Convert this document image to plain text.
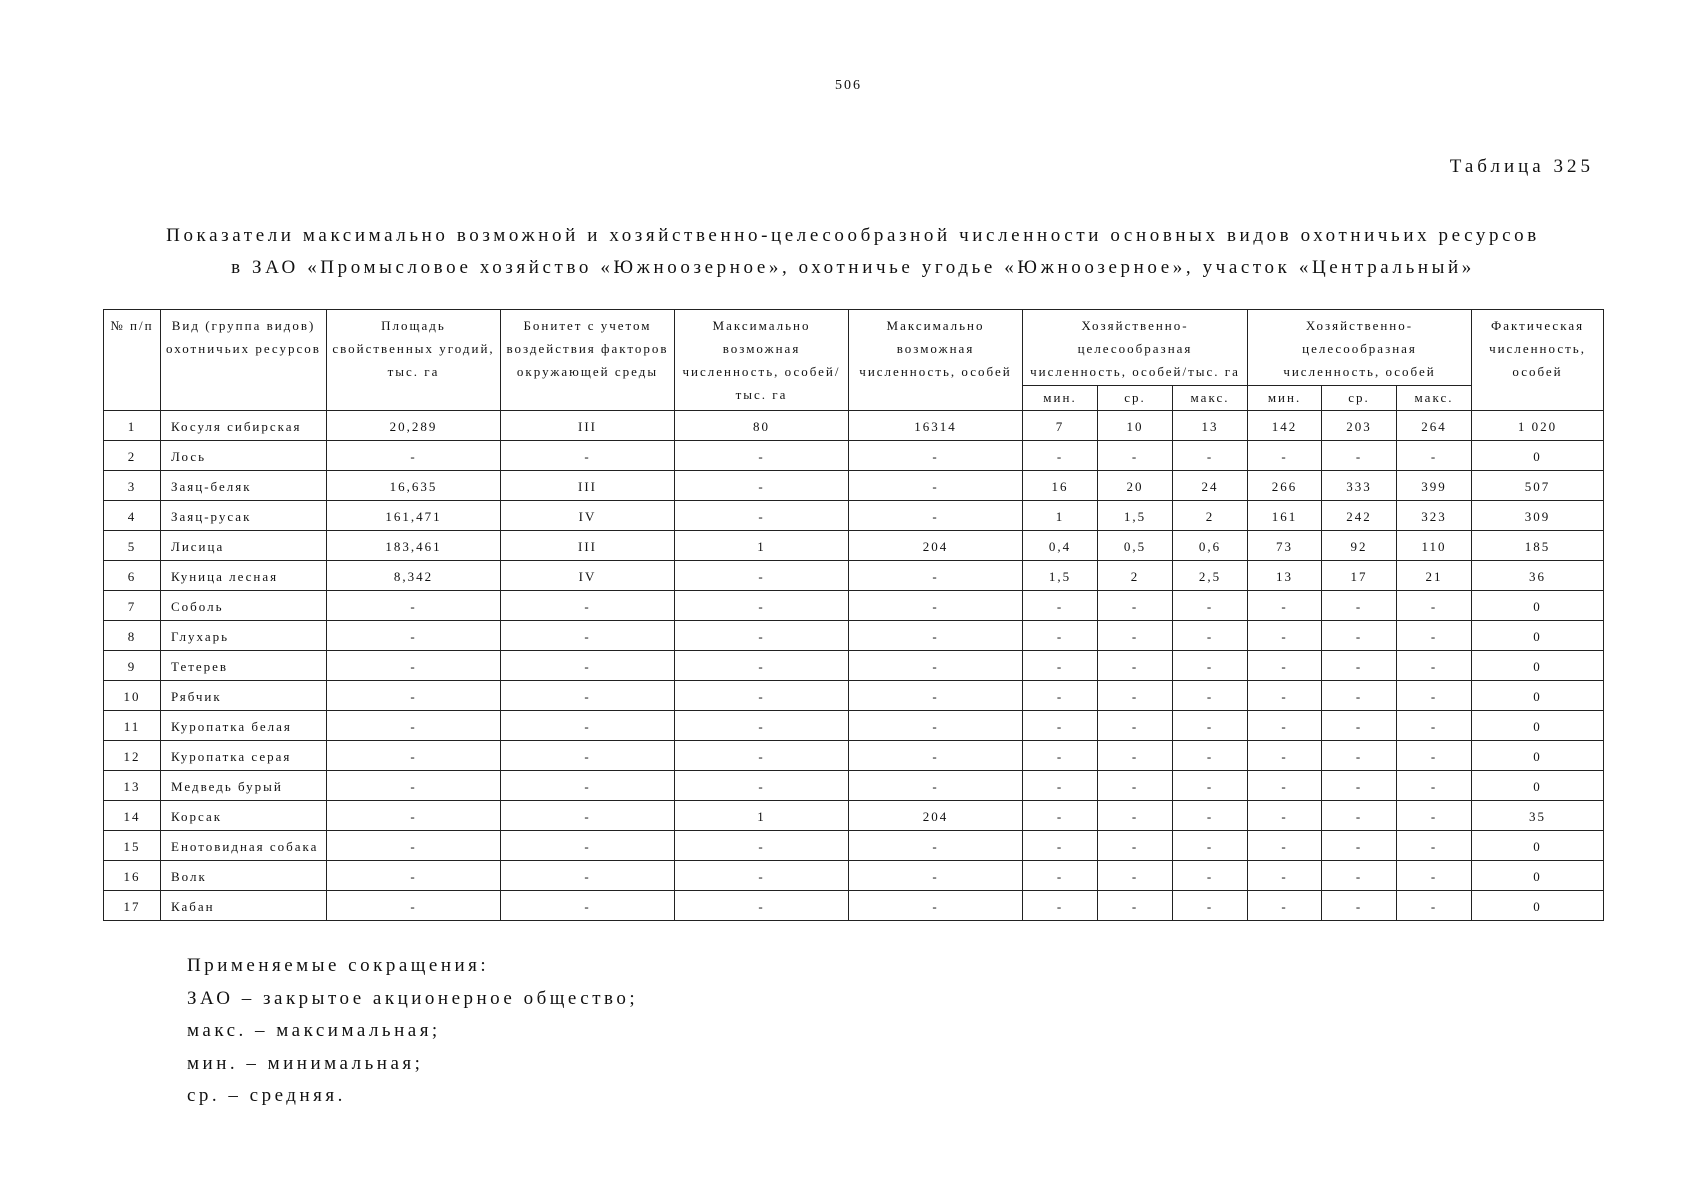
506
Таблица 325
Показатели максимально возможной и хозяйственно-целесообразной численности основных видов охотничьих ресурсов
в ЗАО «Промысловое хозяйство «Южноозерное», охотничье угодье «Южноозерное», участок «Центральный»
№ п/п	Вид (группа видов) охотничьих ресурсов	Площадь свойственных угодий, тыс. га	Бонитет с учетом воздействия факторов окружающей среды	Максимально возможная численность, особей/тыс. га	Максимально возможная численность, особей	Хозяйственно-целесообразная численность, особей/тыс. га			Хозяйственно-целесообразная численность, особей			Фактическая численность, особей
						мин.	ср.	макс.	мин.	ср.	макс.	
1	Косуля сибирская	20,289	III	80	16314	7	10	13	142	203	264	1 020
2	Лось	-	-	-	-	-	-	-	-	-	-	0
3	Заяц-беляк	16,635	III	-	-	16	20	24	266	333	399	507
4	Заяц-русак	161,471	IV	-	-	1	1,5	2	161	242	323	309
5	Лисица	183,461	III	1	204	0,4	0,5	0,6	73	92	110	185
6	Куница лесная	8,342	IV	-	-	1,5	2	2,5	13	17	21	36
7	Соболь	-	-	-	-	-	-	-	-	-	-	0
8	Глухарь	-	-	-	-	-	-	-	-	-	-	0
9	Тетерев	-	-	-	-	-	-	-	-	-	-	0
10	Рябчик	-	-	-	-	-	-	-	-	-	-	0
11	Куропатка белая	-	-	-	-	-	-	-	-	-	-	0
12	Куропатка серая	-	-	-	-	-	-	-	-	-	-	0
13	Медведь бурый	-	-	-	-	-	-	-	-	-	-	0
14	Корсак	-	-	1	204	-	-	-	-	-	-	35
15	Енотовидная собака	-	-	-	-	-	-	-	-	-	-	0
16	Волк	-	-	-	-	-	-	-	-	-	-	0
17	Кабан	-	-	-	-	-	-	-	-	-	-	0
Применяемые сокращения:
ЗАО – закрытое акционерное общество;
макс. – максимальная;
мин. – минимальная;
ср. – средняя.
